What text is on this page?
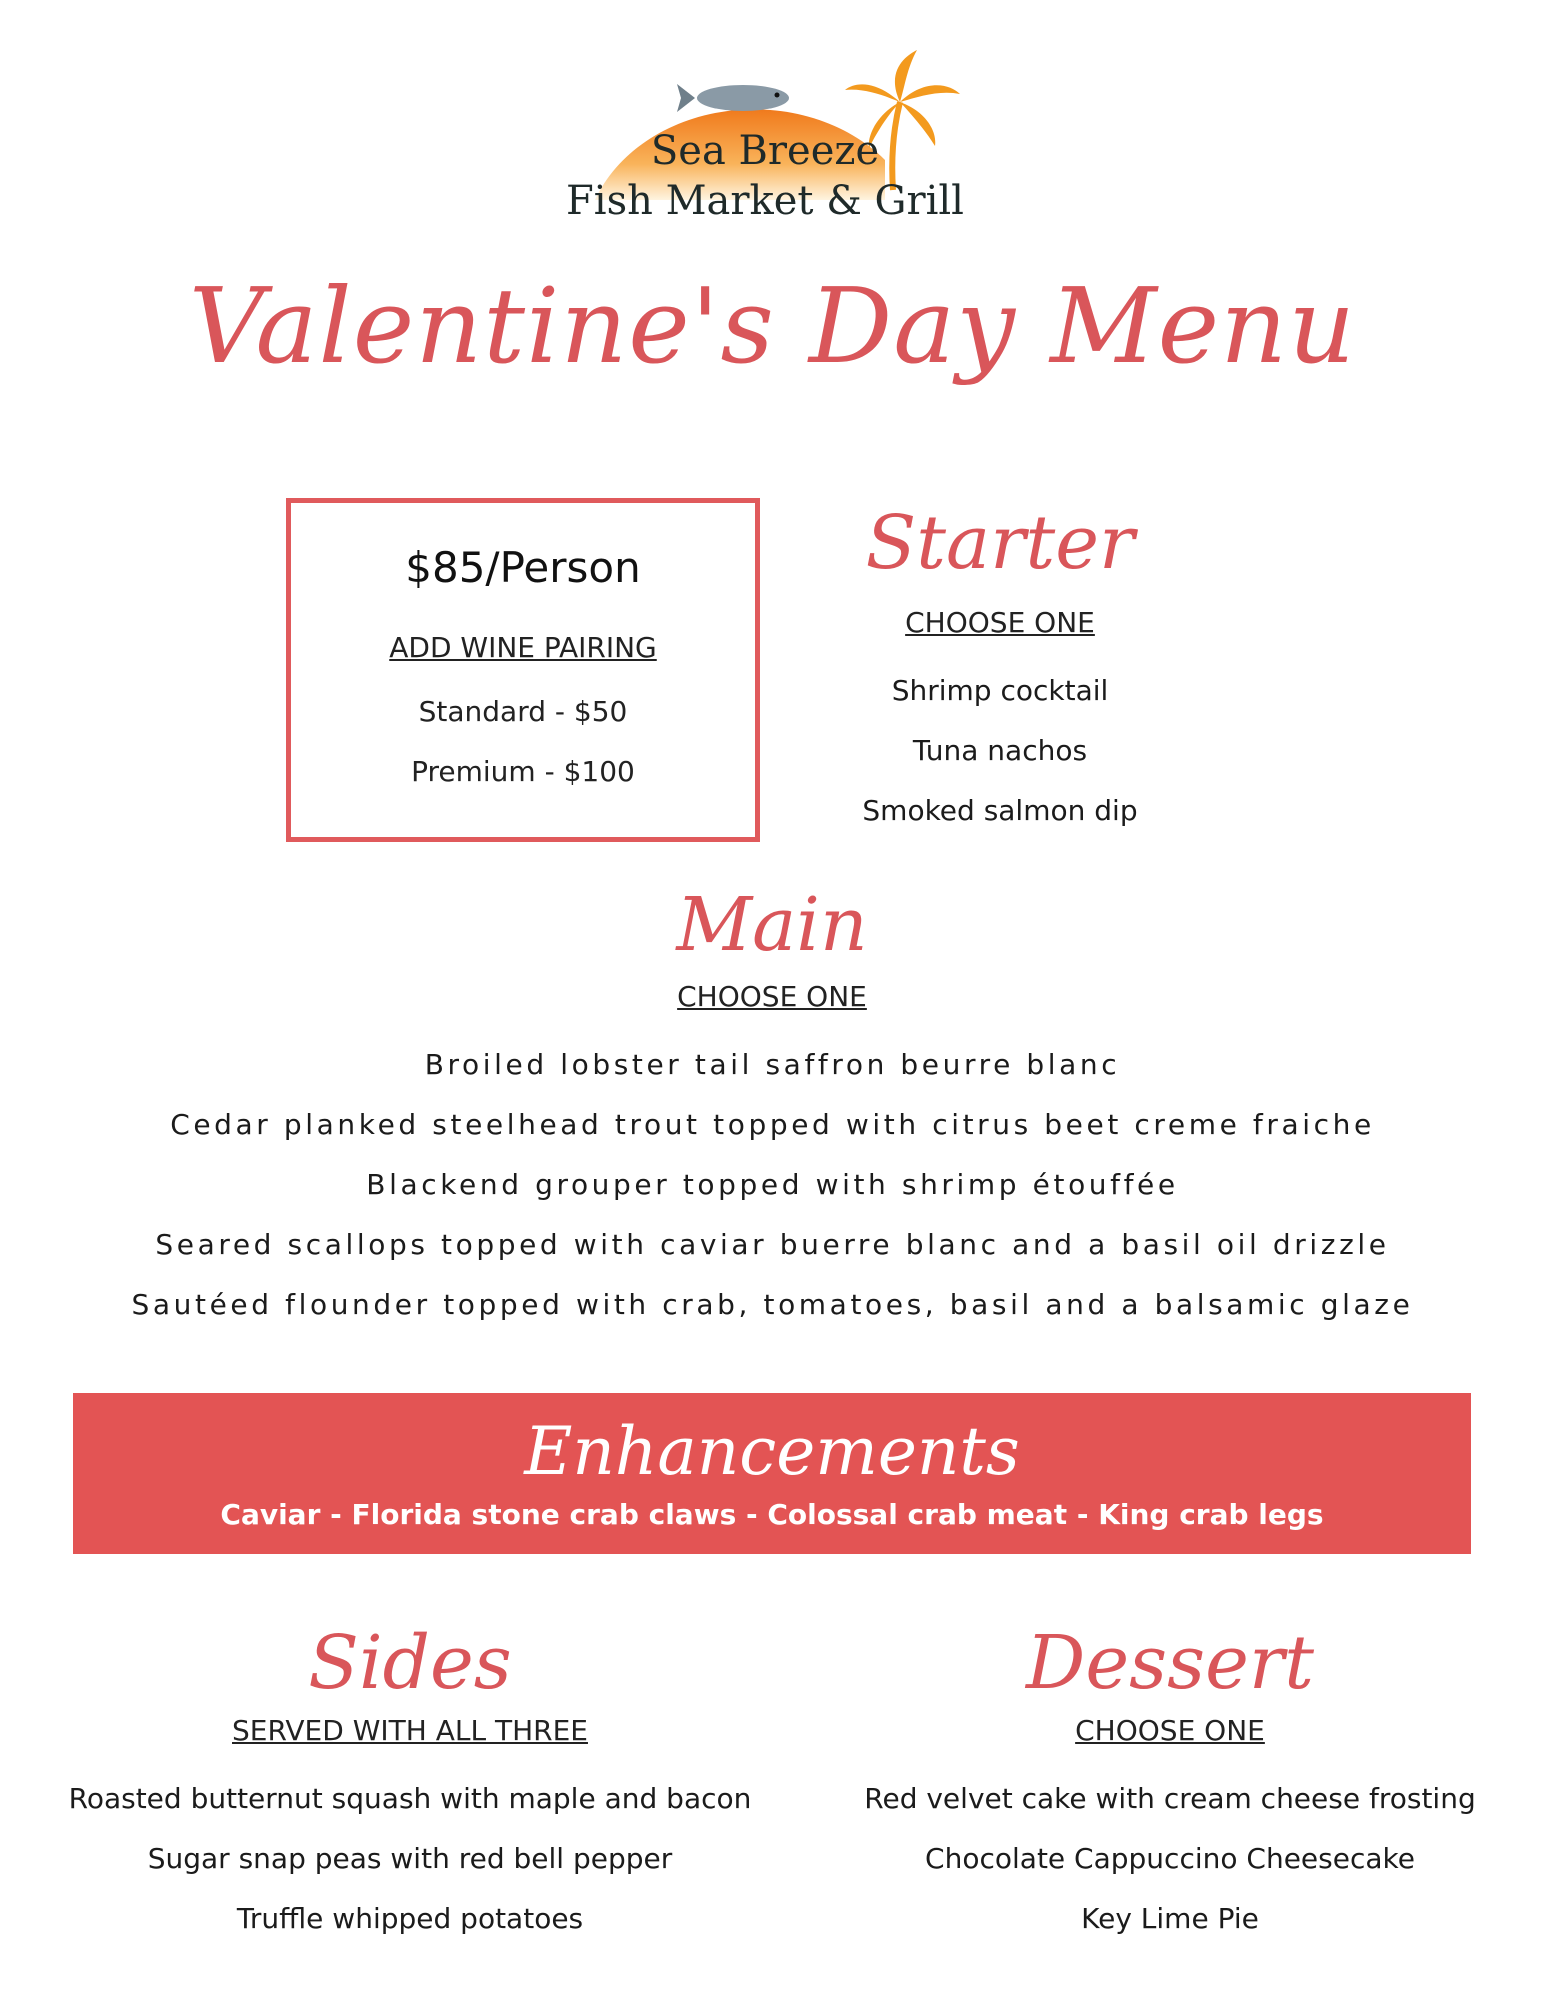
Sea Breeze
Fish Market & Grill
Valentine's Day Menu
$85/Person
ADD WINE PAIRING
Standard - $50
Premium - $100
Starter
CHOOSE ONE
Shrimp cocktail
Tuna nachos
Smoked salmon dip
Main
CHOOSE ONE
Broiled lobster tail saffron beurre blanc
Cedar planked steelhead trout topped with citrus beet creme fraiche
Blackend grouper topped with shrimp étouffée
Seared scallops topped with caviar buerre blanc and a basil oil drizzle
Sautéed flounder topped with crab, tomatoes, basil and a balsamic glaze
Enhancements
Caviar - Florida stone crab claws - Colossal crab meat - King crab legs
Sides
SERVED WITH ALL THREE
Roasted butternut squash with maple and bacon
Sugar snap peas with red bell pepper
Truffle whipped potatoes
Dessert
CHOOSE ONE
Red velvet cake with cream cheese frosting
Chocolate Cappuccino Cheesecake
Key Lime Pie
